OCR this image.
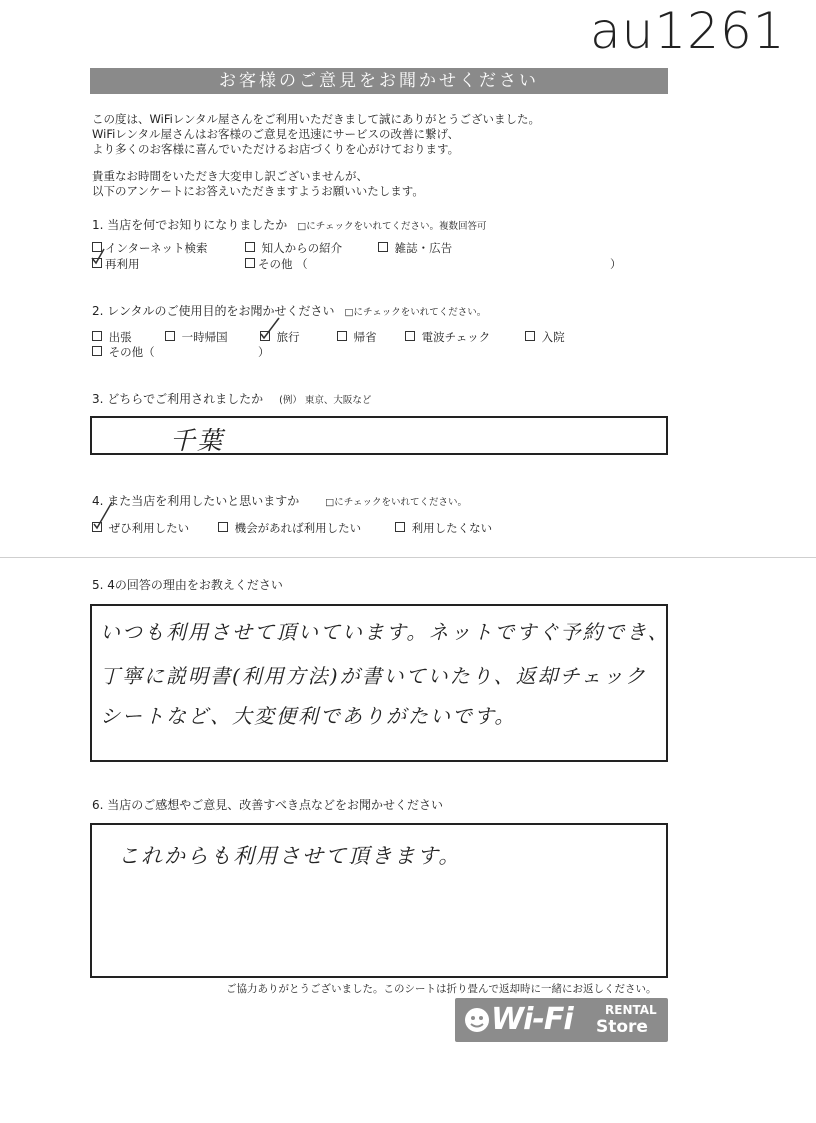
au1261
お客様のご意見をお聞かせください
この度は、WiFiレンタル屋さんをご利用いただきまして誠にありがとうございました。
WiFiレンタル屋さんはお客様のご意見を迅速にサービスの改善に繋げ、
より多くのお客様に喜んでいただけるお店づくりを心がけております。
貴重なお時間をいただき大変申し訳ございませんが、
以下のアンケートにお答えいただきますようお願いいたします。
1. 当店を何でお知りになりましたか □にチェックをいれてください。複数回答可
インターネット検索	知人からの紹介	雑誌・広告
再利用	その他 （	）
2. レンタルのご使用目的をお聞かせください □にチェックをいれてください。
出張	一時帰国	旅行	帰省	電波チェック	入院
その他（	）
3. どちらでご利用されましたか (例） 東京、大阪など
千葉
4. また当店を利用したいと思いますか	□にチェックをいれてください。
ぜひ利用したい	機会があれば利用したい	利用したくない
5. 4の回答の理由をお教えください
いつも利用させて頂いています。ネットですぐ予約でき、
丁寧に説明書(利用方法)が書いていたり、返却チェック
シートなど、大変便利でありがたいです。
6. 当店のご感想やご意見、改善すべき点などをお聞かせください
これからも利用させて頂きます。
ご協力ありがとうございました。このシートは折り畳んで返却時に一緒にお返しください。
Wi-Fi	RENTAL
Store
